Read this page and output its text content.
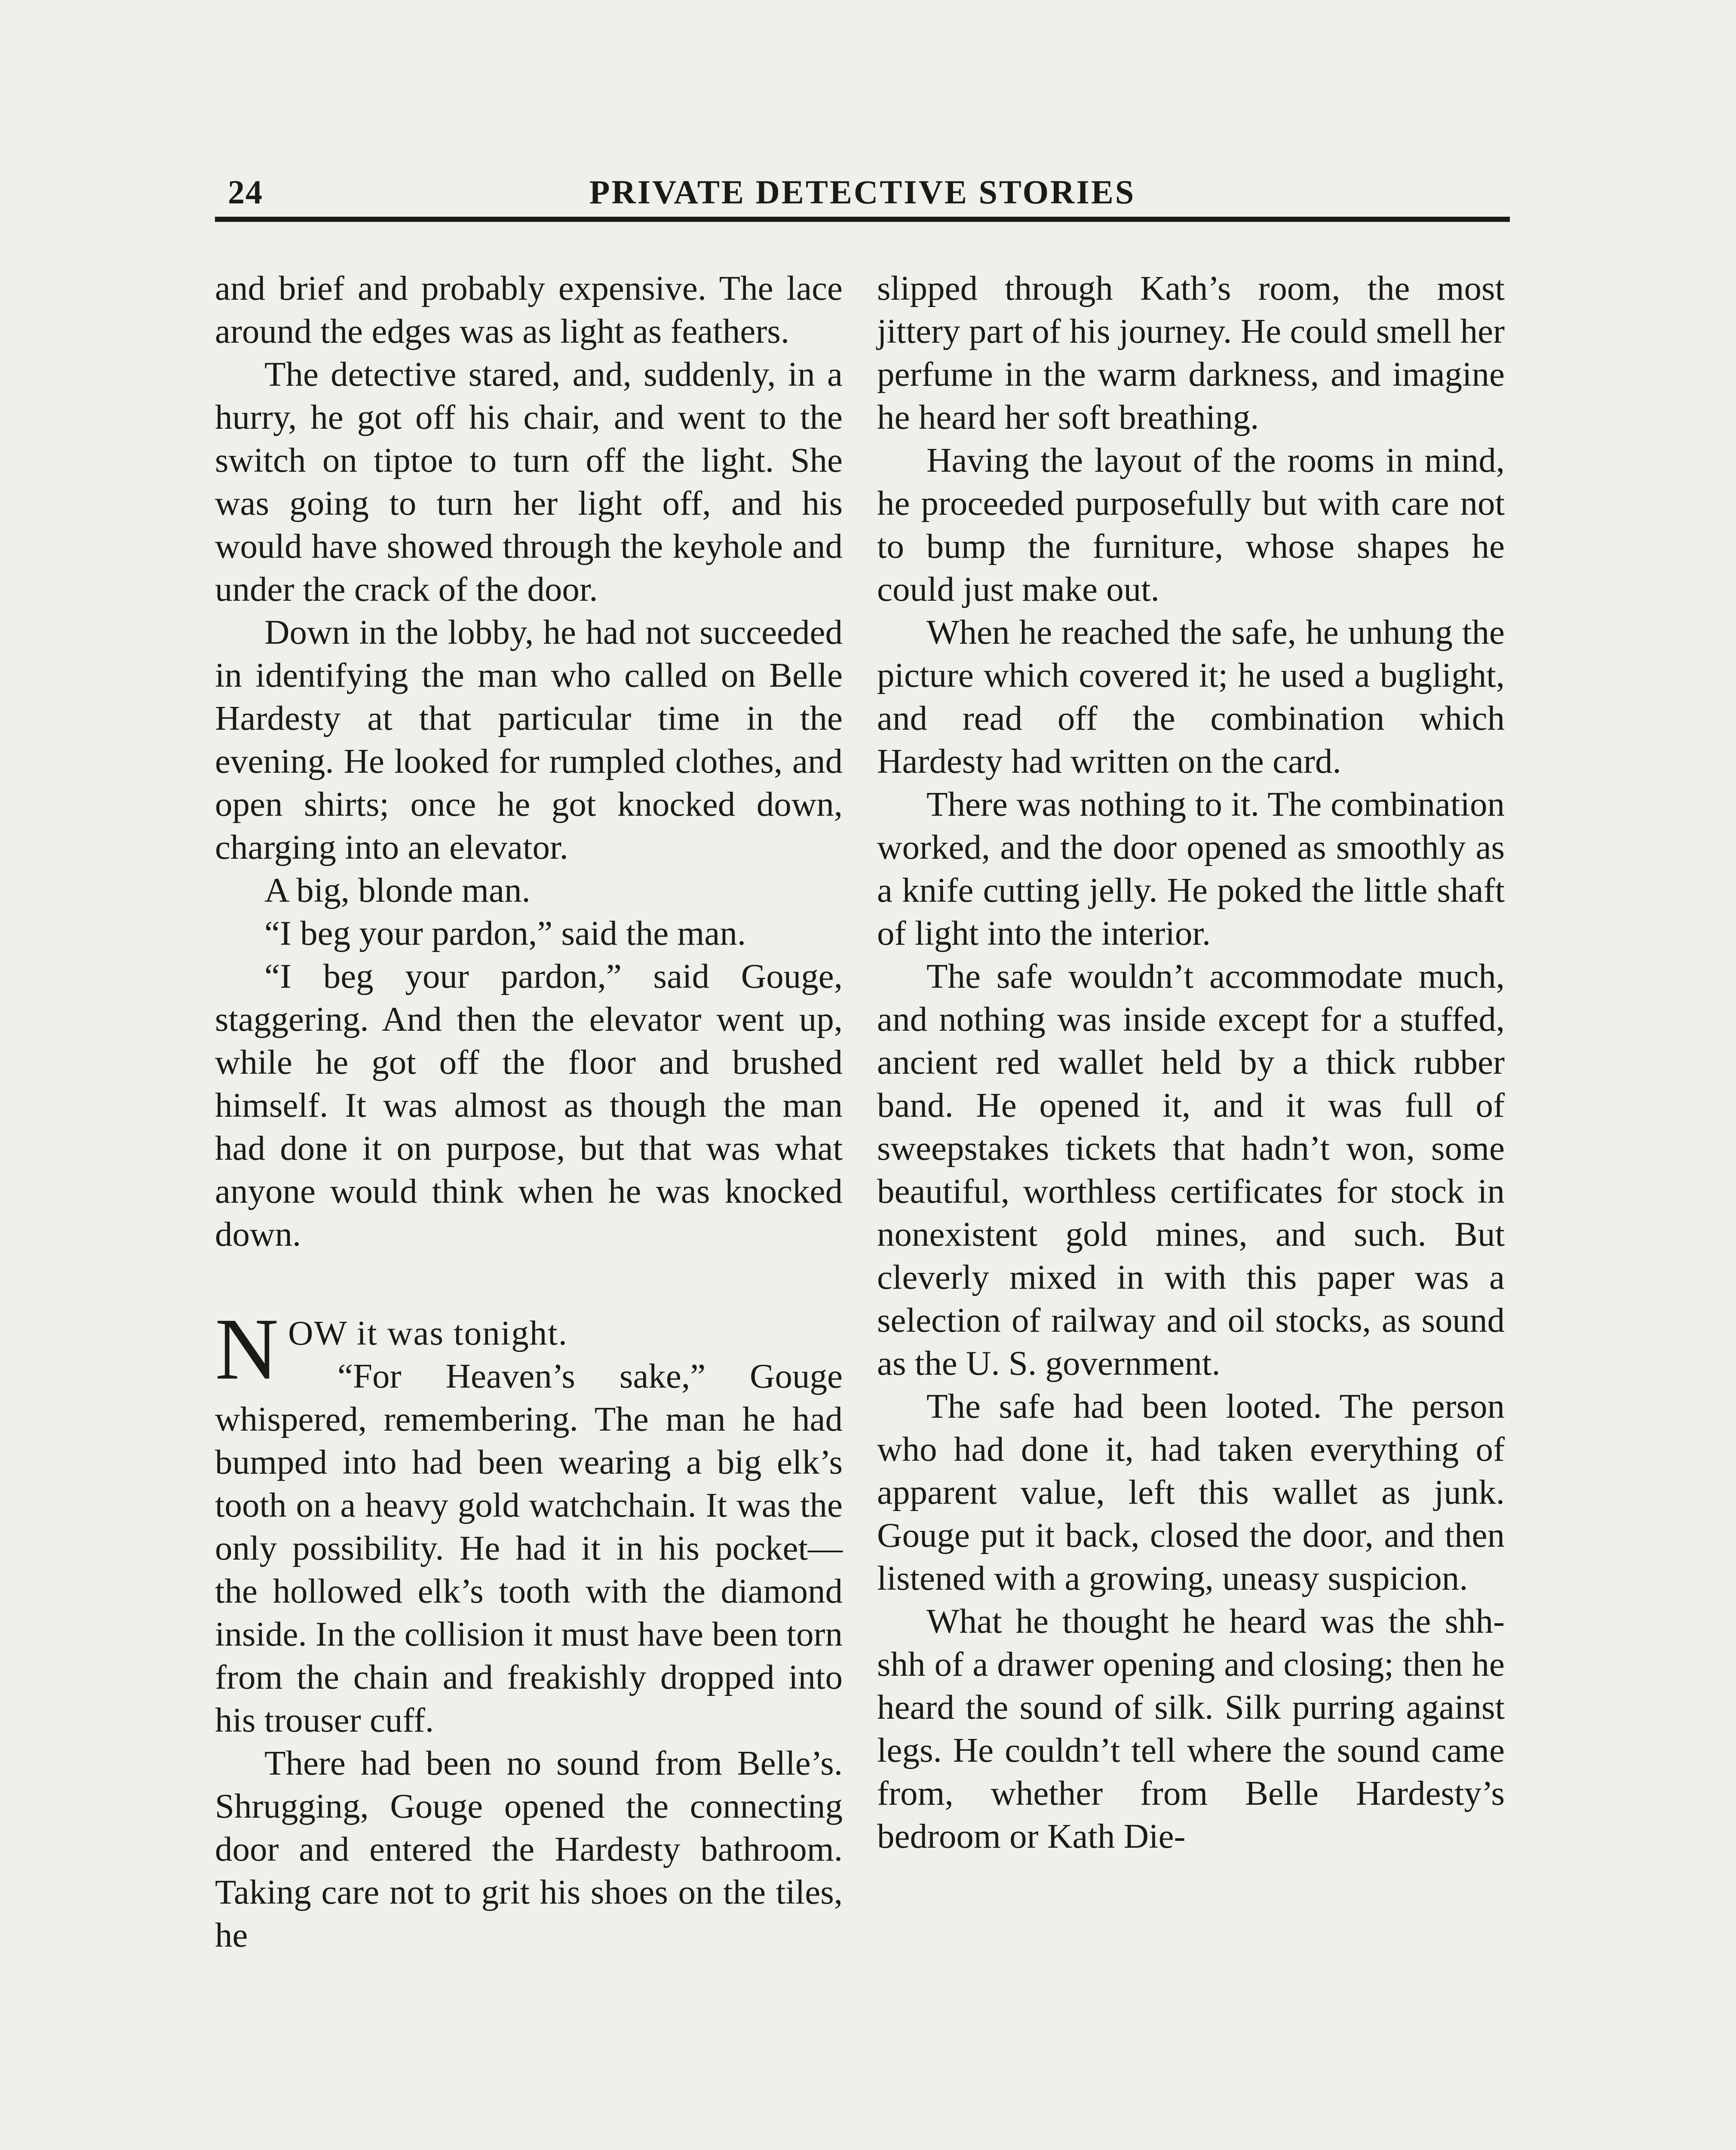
24	PRIVATE DETECTIVE STORIES

and brief and probably expensive. The lace around the edges was as light as feathers.

The detective stared, and, suddenly, in a hurry, he got off his chair, and went to the switch on tiptoe to turn off the light. She was going to turn her light off, and his would have showed through the keyhole and under the crack of the door.

Down in the lobby, he had not succeeded in identifying the man who called on Belle Hardesty at that particular time in the evening. He looked for rumpled clothes, and open shirts; once he got knocked down, charging into an elevator.

A big, blonde man.

“I beg your pardon,” said the man.

“I beg your pardon,” said Gouge, staggering. And then the elevator went up, while he got off the floor and brushed himself. It was almost as though the man had done it on purpose, but that was what anyone would think when he was knocked down.

NOW it was tonight.

“For Heaven’s sake,” Gouge whispered, remembering. The man he had bumped into had been wearing a big elk’s tooth on a heavy gold watchchain. It was the only possibility. He had it in his pocket— the hollowed elk’s tooth with the diamond inside. In the collision it must have been torn from the chain and freakishly dropped into his trouser cuff.

There had been no sound from Belle’s. Shrugging, Gouge opened the connecting door and entered the Hardesty bathroom. Taking care not to grit his shoes on the tiles, he

slipped through Kath’s room, the most jittery part of his journey. He could smell her perfume in the warm darkness, and imagine he heard her soft breathing.

Having the layout of the rooms in mind, he proceeded purposefully but with care not to bump the furniture, whose shapes he could just make out.

When he reached the safe, he unhung the picture which covered it; he used a buglight, and read off the combination which Hardesty had written on the card.

There was nothing to it. The combination worked, and the door opened as smoothly as a knife cutting jelly. He poked the little shaft of light into the interior.

The safe wouldn’t accommodate much, and nothing was inside except for a stuffed, ancient red wallet held by a thick rubber band. He opened it, and it was full of sweepstakes tickets that hadn’t won, some beautiful, worthless certificates for stock in nonexistent gold mines, and such. But cleverly mixed in with this paper was a selection of railway and oil stocks, as sound as the U. S. government.

The safe had been looted. The person who had done it, had taken everything of apparent value, left this wallet as junk. Gouge put it back, closed the door, and then listened with a growing, uneasy suspicion.

What he thought he heard was the shh-shh of a drawer opening and closing; then he heard the sound of silk. Silk purring against legs. He couldn’t tell where the sound came from, whether from Belle Hardesty’s bedroom or Kath Die-
